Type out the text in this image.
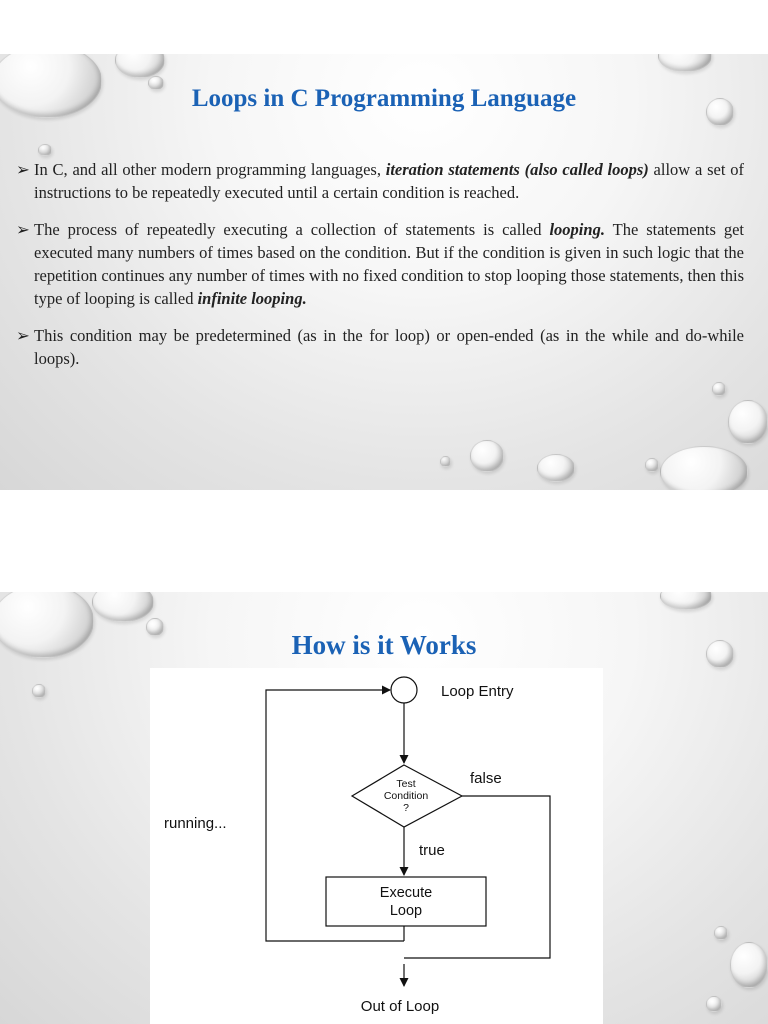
Loops in C Programming Language
➢ In C, and all other modern programming languages, iteration statements (also called loops) allow a set of instructions to be repeatedly executed until a certain condition is reached.
➢ The process of repeatedly executing a collection of statements is called looping. The statements get executed many numbers of times based on the condition. But if the condition is given in such logic that the repetition continues any number of times with no fixed condition to stop looping those statements, then this type of looping is called infinite looping.
➢ This condition may be predetermined (as in the for loop) or open-ended (as in the while and do-while loops).
How is it Works
Loop Entry
Test
Condition
?
false
true
running...
Execute
Loop
Out of Loop
